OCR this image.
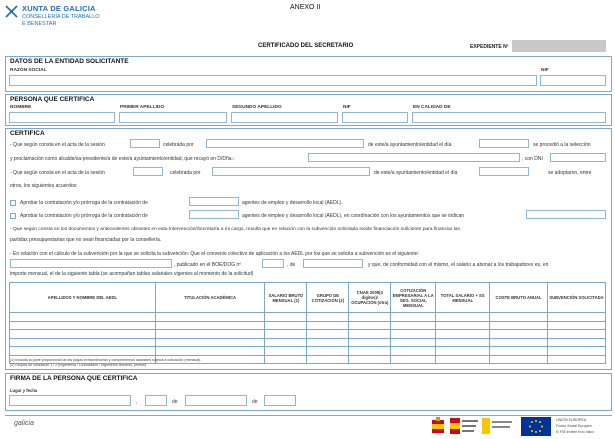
XUNTA DE GALICIA
CONSELLERÍA DE TRABALLO
E BENESTAR
ANEXO II
CERTIFICADO DEL SECRETARIO	EXPEDIENTE Nº
DATOS DE LA ENTIDAD SOLICITANTE
RAZÓN SOCIAL	NIF
PERSONA QUE CERTIFICA
NOMBRE	PRIMER APELLIDO	SEGUNDO APELLIDO	NIF	EN CALIDAD DE
CERTIFICA
- Que según consta en el acta de la sesión	celebrada por	de este/a ayuntamiento/entidad el día	se procedió a la selección
y proclamación como alcalde/sa-presidente/a de este/a ayuntamiento/entidad, que recayó en D/Dña.:	, con DNI
- Que según consta en el acta de la sesión	celebrada por	de este/a ayuntamiento/entidad el día	se adoptaron, entre
otros, los siguientes acuerdos:
Aprobar la contratación y/o prórroga de la contratación de	agentes de empleo y desarrollo local (AEDL).
Aprobar la contratación y/o prórroga de la contratación de	agentes de empleo y desarrollo local (AEDL), en coordinación con los ayuntamientos que se indican
- Que según consta en los documentos y antecedentes obrantes en esta Intervención/Secretaría a mi cargo, resulta que en relación con la subvención solicitada existe financiación suficiente para financiar las
partidas presupuestarias que no sean financiadas por la consellería.
- En relación con el cálculo de la subvención por la que se solicita la subvención: Que el convenio colectivo de aplicación a los AEDL por los que se solicita a subvención es el siguiente:
, publicado en el BOE/DOG nº	, de	y que, de conformidad con el mismo, el salario a abonar a los trabajadores es, en
importe mensual, el de la siguiente tabla (se acompañan tablas salariales vigentes al momento de la solicitud)
APELLIDOS Y NOMBRE DEL AEDL	TITULACIÓN ACADÉMICA	SALARIO BRUTO MENSUAL (1)	GRUPO DE COTIZACIÓN (2)	CNAE 2009(4 dígitos)/ OCUPACIÓN (otra)	COTIZACIÓN EMPRESARIAL A LA SEG. SOCIAL MENSUAL	TOTAL SALARIO + SS MENSUAL	COSTE BRUTO ANUAL	SUBVENCIÓN SOLICITADA

(1) Incluida la parte proporcional de las pagas extraordinarias y complementos salariales sujetos a cotización (mensual).
(2) Grupos de cotización 1 / 2 (Ingenieros / Licenciados / Ingenieros técnicos, peritos).
FIRMA DE LA PERSONA QUE CERTIFICA
Lugar y fecha
,	de	de
galicia	UNIÓN EUROPEA
Fondo Social Europeo
El FSE invierte en tu futuro
